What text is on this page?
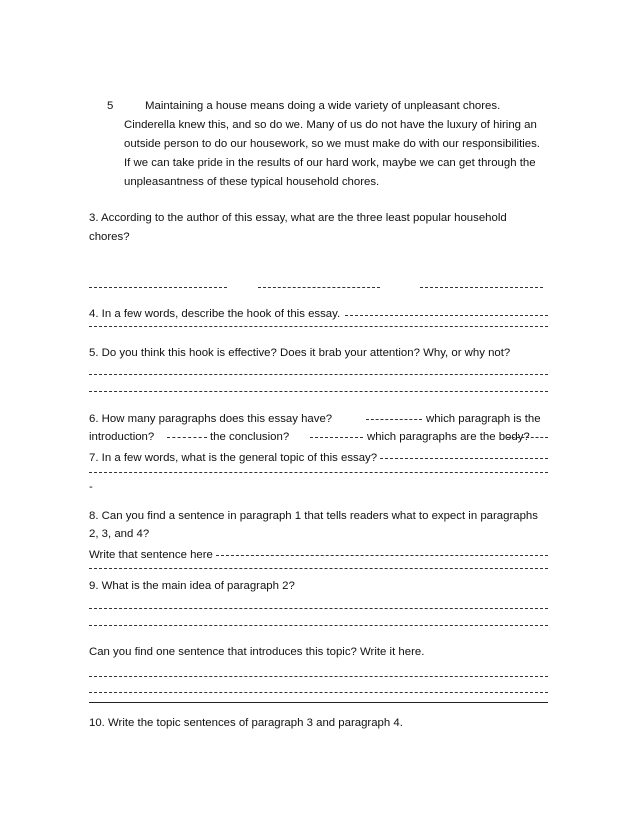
5	Maintaining a house means doing a wide variety of unpleasant chores.
Cinderella knew this, and so do we. Many of us do not have the luxury of hiring an
outside person to do our housework, so we must make do with our responsibilities.
If we can take pride in the results of our hard work, maybe we can get through the
unpleasantness of these typical household chores.
3. According to the author of this essay, what are the three least popular household
chores?
4. In a few words, describe the hook of this essay.
5. Do you think this hook is effective? Does it brab your attention? Why, or why not?
6. How many paragraphs does this essay have?	which paragraph is the
introduction?	the conclusion?	which paragraphs are the body?
7. In a few words, what is the general topic of this essay?
-
8. Can you find a sentence in paragraph 1 that tells readers what to expect in paragraphs
2, 3, and 4?
Write that sentence here
9. What is the main idea of paragraph 2?
Can you find one sentence that introduces this topic? Write it here.
10. Write the topic sentences of paragraph 3 and paragraph 4.
